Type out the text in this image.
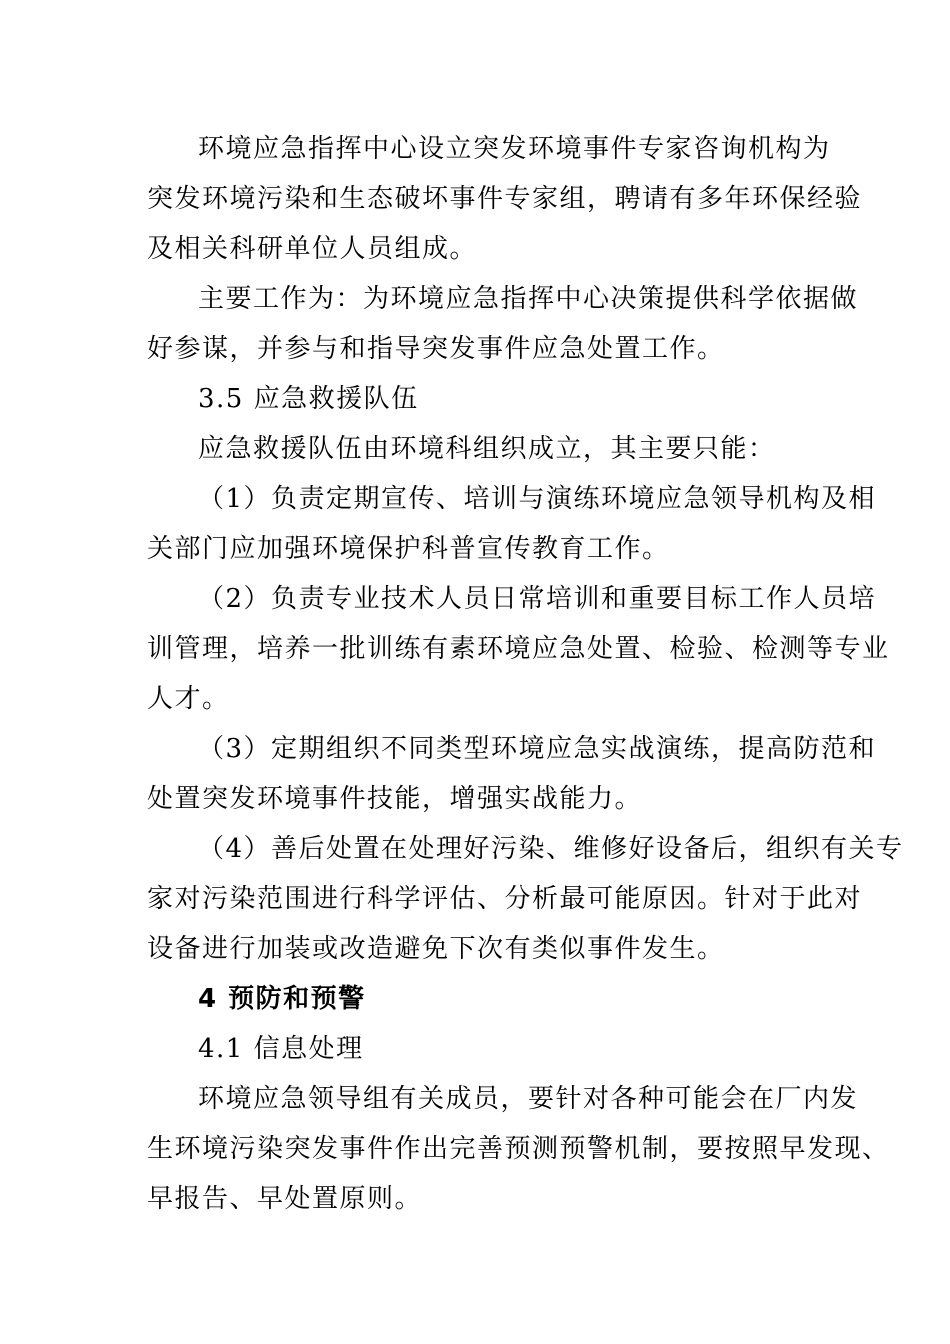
环境应急指挥中心设立突发环境事件专家咨询机构为
突发环境污染和生态破坏事件专家组，聘请有多年环保经验
及相关科研单位人员组成。
主要工作为：为环境应急指挥中心决策提供科学依据做
好参谋，并参与和指导突发事件应急处置工作。
3.5 应急救援队伍
应急救援队伍由环境科组织成立，其主要只能：
（1）负责定期宣传、培训与演练环境应急领导机构及相
关部门应加强环境保护科普宣传教育工作。
（2）负责专业技术人员日常培训和重要目标工作人员培
训管理，培养一批训练有素环境应急处置、检验、检测等专业
人才。
（3）定期组织不同类型环境应急实战演练，提高防范和
处置突发环境事件技能，增强实战能力。
（4）善后处置在处理好污染、维修好设备后，组织有关专
家对污染范围进行科学评估、分析最可能原因。针对于此对
设备进行加装或改造避免下次有类似事件发生。
4 预防和预警
4.1 信息处理
环境应急领导组有关成员，要针对各种可能会在厂内发
生环境污染突发事件作出完善预测预警机制，要按照早发现、
早报告、早处置原则。
